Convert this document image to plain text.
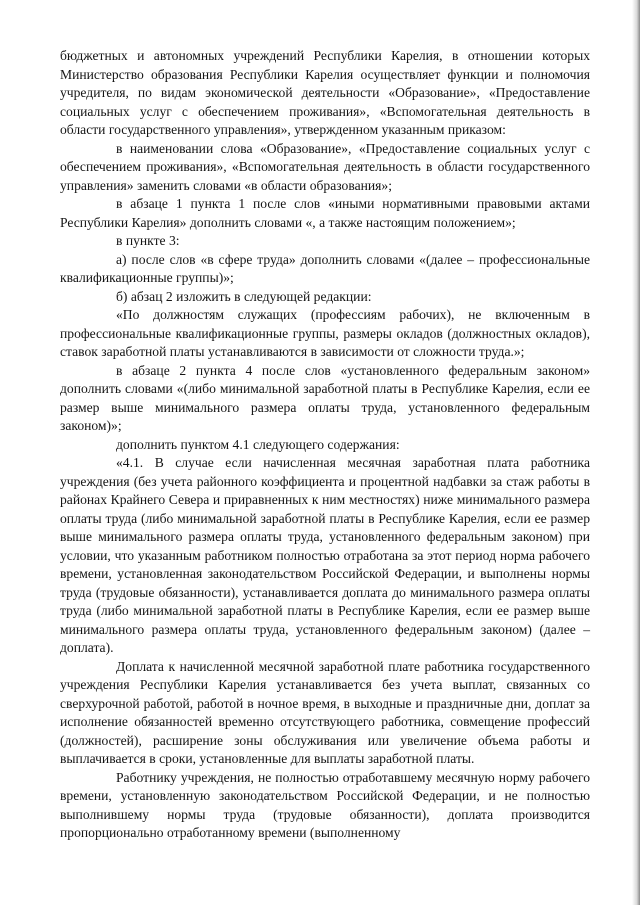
бюджетных и автономных учреждений Республики Карелия, в отношении которых Министерство образования Республики Карелия осуществляет функции и полномочия учредителя, по видам экономической деятельности «Образование», «Предоставление социальных услуг с обеспечением проживания», «Вспомогательная деятельность в области государственного управления», утвержденном указанным приказом:

в наименовании слова «Образование», «Предоставление социальных услуг с обеспечением проживания», «Вспомогательная деятельность в области государственного управления» заменить словами «в области образования»;

в абзаце 1 пункта 1 после слов «иными нормативными правовыми актами Республики Карелия» дополнить словами «, а также настоящим положением»;

в пункте 3:

а) после слов «в сфере труда» дополнить словами «(далее – профессиональные квалификационные группы)»;

б) абзац 2 изложить в следующей редакции:

«По должностям служащих (профессиям рабочих), не включенным в профессиональные квалификационные группы, размеры окладов (должностных окладов), ставок заработной платы устанавливаются в зависимости от сложности труда.»;

в абзаце 2 пункта 4 после слов «установленного федеральным законом» дополнить словами «(либо минимальной заработной платы в Республике Карелия, если ее размер выше минимального размера оплаты труда, установленного федеральным законом)»;

дополнить пунктом 4.1 следующего содержания:

«4.1. В случае если начисленная месячная заработная плата работника учреждения (без учета районного коэффициента и процентной надбавки за стаж работы в районах Крайнего Севера и приравненных к ним местностях) ниже минимального размера оплаты труда (либо минимальной заработной платы в Республике Карелия, если ее размер выше минимального размера оплаты труда, установленного федеральным законом) при условии, что указанным работником полностью отработана за этот период норма рабочего времени, установленная законодательством Российской Федерации, и выполнены нормы труда (трудовые обязанности), устанавливается доплата до минимального размера оплаты труда (либо минимальной заработной платы в Республике Карелия, если ее размер выше минимального размера оплаты труда, установленного федеральным законом) (далее – доплата).

Доплата к начисленной месячной заработной плате работника государственного учреждения Республики Карелия устанавливается без учета выплат, связанных со сверхурочной работой, работой в ночное время, в выходные и праздничные дни, доплат за исполнение обязанностей временно отсутствующего работника, совмещение профессий (должностей), расширение зоны обслуживания или увеличение объема работы и выплачивается в сроки, установленные для выплаты заработной платы.

Работнику учреждения, не полностью отработавшему месячную норму рабочего времени, установленную законодательством Российской Федерации, и не полностью выполнившему нормы труда (трудовые обязанности), доплата производится пропорционально отработанному времени (выполненному
